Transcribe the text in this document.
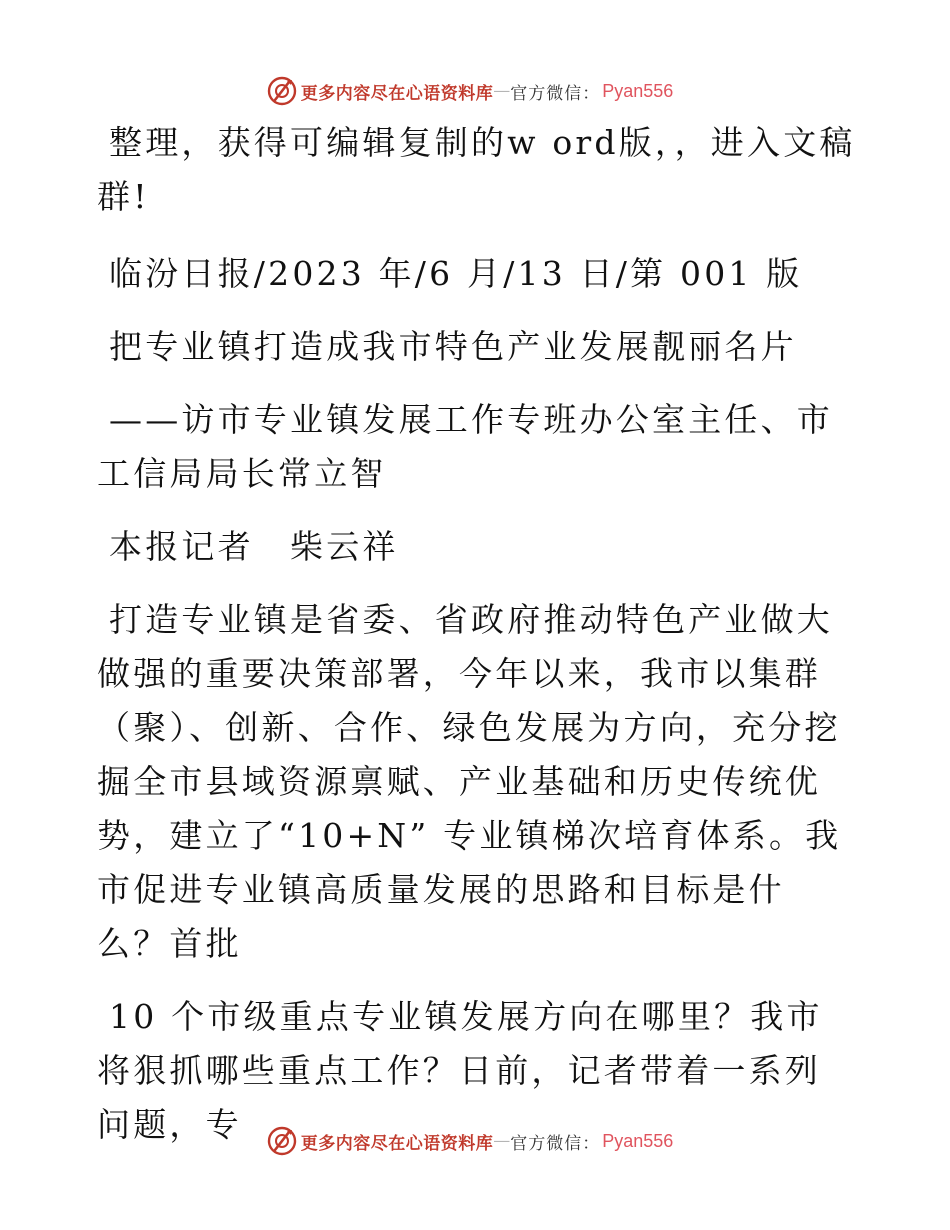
更多内容尽在心语资料库 — 官方微信： Pyan556

整理，获得可编辑复制的w ord版，，进入文稿群!

临汾日报/2023 年/6 月/13 日/第 001 版

把专业镇打造成我市特色产业发展靓丽名片

——访市专业镇发展工作专班办公室主任、市工信局局长常立智

本报记者　柴云祥

打造专业镇是省委、省政府推动特色产业做大做强的重要决策部署，今年以来，我市以集群（聚）、创新、合作、绿色发展为方向，充分挖掘全市县域资源禀赋、产业基础和历史传统优势，建立了“10+N” 专业镇梯次培育体系。我市促进专业镇高质量发展的思路和目标是什么？首批

10 个市级重点专业镇发展方向在哪里？我市将狠抓哪些重点工作？日前，记者带着一系列问题，专	更多内容尽在心语资料库 — 官方微信： Pyan556
